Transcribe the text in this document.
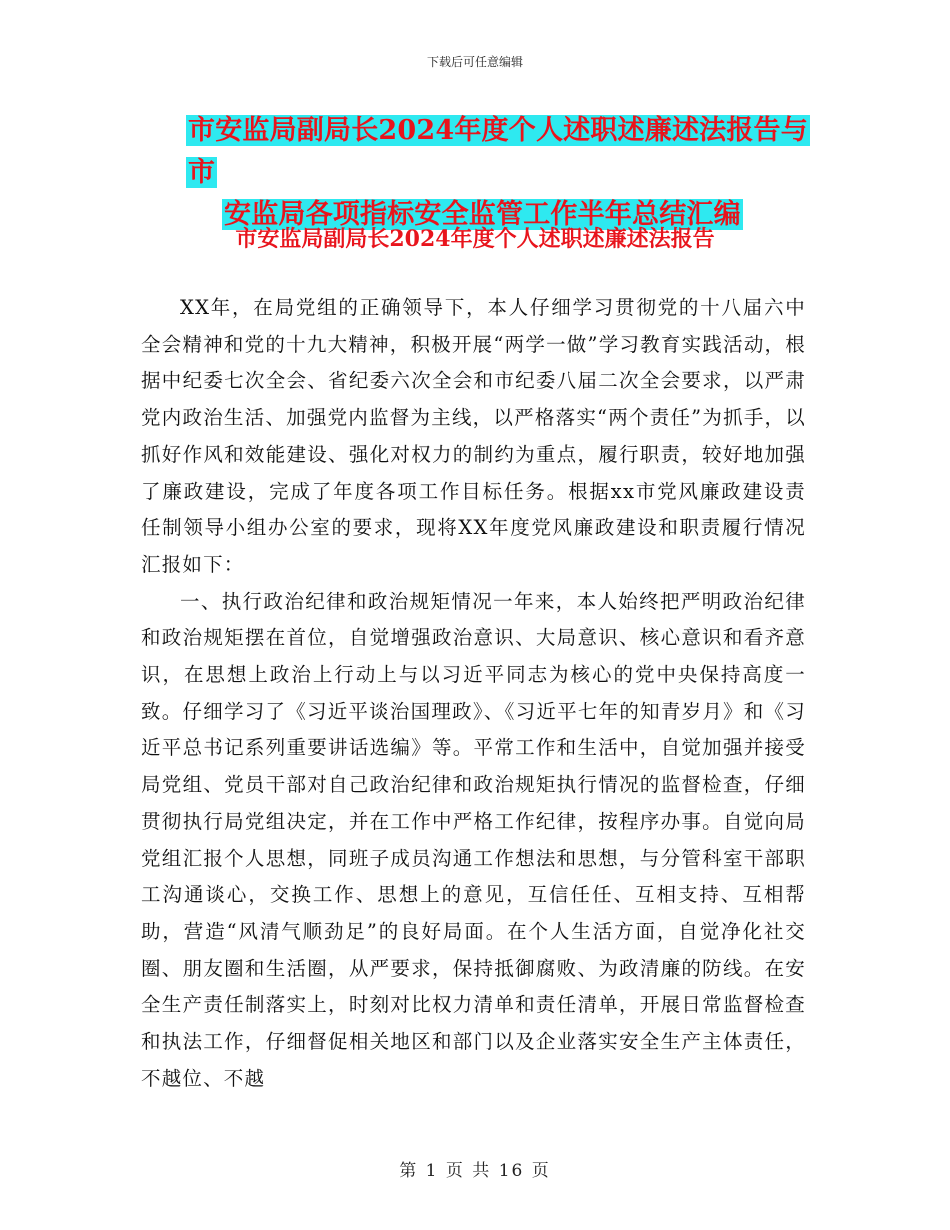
下载后可任意编辑
市安监局副局长2024年度个人述职述廉述法报告与市
安监局各项指标安全监管工作半年总结汇编
市安监局副局长2024年度个人述职述廉述法报告

XX年，在局党组的正确领导下，本人仔细学习贯彻党的十八届六中全会精神和党的十九大精神，积极开展“两学一做”学习教育实践活动，根据中纪委七次全会、省纪委六次全会和市纪委八届二次全会要求，以严肃党内政治生活、加强党内监督为主线，以严格落实“两个责任”为抓手，以抓好作风和效能建设、强化对权力的制约为重点，履行职责，较好地加强了廉政建设，完成了年度各项工作目标任务。根据xx市党风廉政建设责任制领导小组办公室的要求，现将XX年度党风廉政建设和职责履行情况汇报如下：

一、执行政治纪律和政治规矩情况一年来，本人始终把严明政治纪律和政治规矩摆在首位，自觉增强政治意识、大局意识、核心意识和看齐意识，在思想上政治上行动上与以习近平同志为核心的党中央保持高度一致。仔细学习了《习近平谈治国理政》、《习近平七年的知青岁月》和《习近平总书记系列重要讲话选编》等。平常工作和生活中，自觉加强并接受局党组、党员干部对自己政治纪律和政治规矩执行情况的监督检查，仔细贯彻执行局党组决定，并在工作中严格工作纪律，按程序办事。自觉向局党组汇报个人思想，同班子成员沟通工作想法和思想，与分管科室干部职工沟通谈心，交换工作、思想上的意见，互信任任、互相支持、互相帮助，营造“风清气顺劲足”的良好局面。在个人生活方面，自觉净化社交圈、朋友圈和生活圈，从严要求，保持抵御腐败、为政清廉的防线。在安全生产责任制落实上，时刻对比权力清单和责任清单，开展日常监督检查和执法工作，仔细督促相关地区和部门以及企业落实安全生产主体责任，不越位、不越

第 1 页 共 16 页
